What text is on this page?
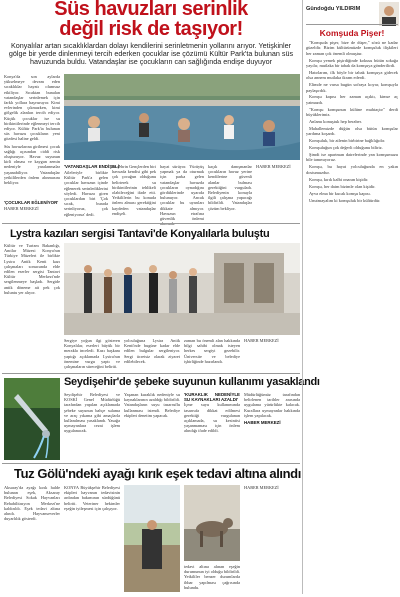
Süs havuzları serinlik
değil risk de taşıyor!
Konyalılar artan sıcaklıklardan dolayı kendilerini serinletmenin yollarını arıyor. Yetişkinler gölge bir yerde dinlenmeyi tercih ederken çocuklar ise çözümü Kültür Park'ta bulunan süs havuzunda buldu. Vatandaşlar ise çocukların can sağlığında endişe duyuyor
Konya'da son aylarda yükselmeye devam eden sıcaklıklar hayatı olumsuz etkiliyor. Sıcaktan bunalan vatandaşlar serinlemek için farklı yollara başvuruyor. Kimi evlerinden çıkmazken, kimi gölgelik alanları tercih ediyor. Küçük çocuklar ise su birikintilerinde eğlenmeyi tercih ediyor. Kültür Park'ta bulunan süs havuzu çocukların yeni gözdesi haline geldi.
Süs havuzlarına girilmesi çocuk sağlığı açısından ciddi risk oluşturuyor. Havuz suyunun kirli olması ve kaygan zemin nedeniyle yaralanmalar yaşanabiliyor. Vatandaşlar yetkililerden önlem alınmasını bekliyor.
'ÇOCUKLAR EĞLENİYOR'
HABER MERKEZİ
'VATANDAŞLAR ENDİŞELİ'
Aileleriyle birlikte Kültür Park'a gelen çocuklar havuzun içinde eğlenerek serinlediklerini söyledi. Havuza giren çocuklardan biri 'Çok sıcak, burada serinliyoruz, çok eğleniyoruz' dedi.
ile şehrin Gençlerden biri havuzda kendisi gibi pek çok çocuğun olduğunu belirterek su birikintilerinin tehlikeli olabileceğini ifade etti. Yetkililerin bu konuda önlem alması gerektiğini kaydeden vatandaşlar endişeli.
hayat sürüyor. Yürüyüş yapmak ya da oturmak için parka gelen vatandaşlar havuzda çocukların oynadığını gördüklerinde uyarıda bulunuyor. Ancak çocuklar bu uyarıları dikkate almıyor. Havuzun etrafına güvenlik önlemi
kaçık danışmanlar çocukların havuz yerine kendilerine güvenli alanlar bulması gerektiğini vurguladı. Belediyenin konuyla ilgili çalışma yapacağı bildirildi. Vatandaşlar çözüm bekliyor.
HABER MERKEZİ
Lystra kazıları sergisi Tantavi'de Konyalılarla buluştu
Kültür ve Turizm Bakanlığı, Anıtlar Müzesi Konya'nın Türkiye Müzeleri ile birlikte Lystra Antik Kenti kazı çalışmaları sonucunda elde edilen eserler sergisi Tantavi Kültür Merkezi'nde sergilenmeye başladı. Sergide antik döneme ait pek çok buluntu yer alıyor.
Sergiye yoğun ilgi gösteren Konyalılar, eserleri büyük bir merakla inceledi. Kazı başkanı yaptığı açıklamada Lystra'nın önemine vurgu yaptı ve çalışmaların süreceğini belirtti.
yolculuğuna Lystra Antik Kenti'nde bugüne kadar elde edilen bulgular sergileniyor. Sergi ücretsiz olarak ziyaret edilebilecek.
zaman bu önemli alan hakkında bilgi sahibi olmak isteyen herkes sergiyi gezebilir. Üniversite ve belediye işbirliğinde hazırlandı.
HABER MERKEZİ
Seydişehir'de şebeke suyunun kullanımı yasaklandı
Seydişehir Belediyesi ve KOSKİ Genel Müdürlüğü tarafından yapılan açıklamada şebeke suyunun bahçe sulama ve araç yıkama gibi amaçlarla kullanılması yasaklandı. Yasağa uymayanlara cezai işlem uygulanacak.
Yaşanan kuraklık nedeniyle su kaynaklarının azaldığı bildirildi. Vatandaşların suyu tasarruflu kullanması istendi. Belediye ekipleri denetim yapacak.
'KURAKLIK NEDENİYLE SU KAYNAKLARI AZALDI'
İçme suyu kullanımında tasarrufa dikkat edilmesi gerektiği vurgulanan açıklamada, su kesintisi yaşanmaması için önlem alındığı ifade edildi.
Müdürlüğümüz tarafından belirlenen tarihler arasında uygulama yürürlükte kalacak. Kurallara uymayanlar hakkında işlem yapılacak.
HABER MERKEZİ
Tuz Gölü'ndeki ayağı kırık eşek tedavi altına alındı
Aksaray'da ayağı kırık halde bulunan eşek, Aksaray Belediyesi Sokak Hayvanları Rehabilitasyon Merkezi'ne kaldırıldı. Eşek tedavi altına alındı. Hayvanseverler duyarlılık gösterdi.
KONYA Büyükşehir Belediyesi ekipleri hayvanın tedavisinin ardından bakımının sürdüğünü belirtti. Veteriner hekimler eşeğin iyileşmesi için çalışıyor.
tedavi altına alınan eşeğin durumunun iyi olduğu bildirildi. Yetkililer benzer durumlarda ihbar yapılması çağrısında bulundu.
HABER MERKEZİ
Gündoğdu YILDIRIM
Komşuda Pişer!

"Komşuda pişer, bize de düşer," sözü ne kadar güzeldir. Bizim kültürümüzde komşuluk ilişkileri her zaman çok önemli olmuştur.

Komşu yemek pişirdiğinde kokusu bütün sokağa yayılır, mutlaka bir tabak da komşuya gönderilirdi.

Hatırlarım, ilk böyle bir tabak komşuya gidecek olsa annem mutlaka ikram ederdi.

Elimde ne varsa bugün sofraya koyar, komşuyla paylaşırdık.

Komşu kapısı her zaman açıktı, kimse aç yatmazdı.

"Komşu komşunun külüne muhtaçtır" derdi büyüklerimiz.

Anlamı konuştuk hep beraber.

Mahallemizde düğün olsa bütün komşular yardıma koşardı.

Komşuluk, bir ailenin birbirine bağlılığıdır.

Komşuluğun çok değerli olduğunu biliriz.

Şimdi ise apartman dairelerinde yan komşumuzu bile tanımıyoruz.

Komşu, bu hayat yolculuğunda en yakın dostumuzdur.

Komşu, kırık kalbi onaran kişidir.

Komşu, her daim bizimle olan kişidir.

Ayva elma bir kucak komşu kapısı.

Unutmayalım ki komşuluk bir kültürdür.
